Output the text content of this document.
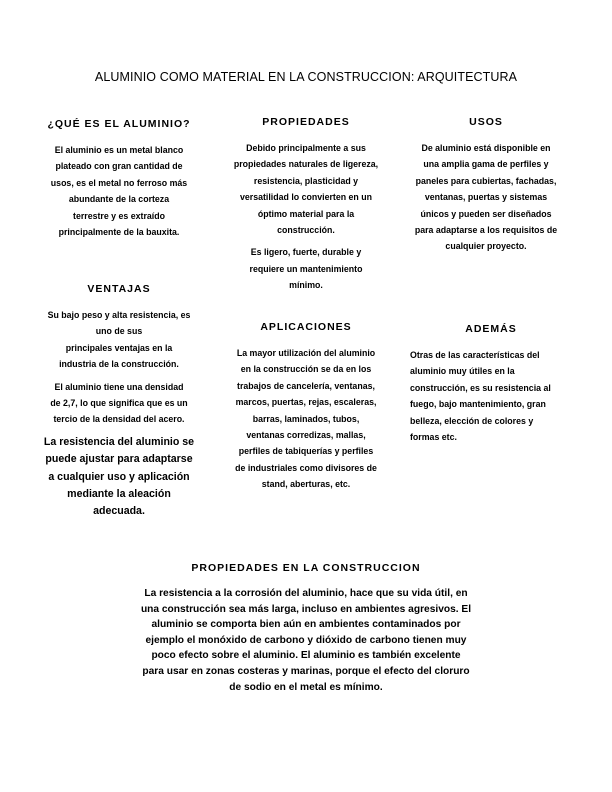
ALUMINIO COMO MATERIAL EN LA CONSTRUCCION: ARQUITECTURA
¿QUÉ ES EL ALUMINIO?

El aluminio es un metal blanco
plateado con gran cantidad de
usos, es el metal no ferroso más
abundante de la corteza
terrestre y es extraído
principalmente de la bauxita.

PROPIEDADES

Debido principalmente a sus
propiedades naturales de ligereza,
resistencia, plasticidad y
versatilidad lo convierten en un
óptimo material para la
construcción.

Es ligero, fuerte, durable y
requiere un mantenimiento
mínimo.

USOS

De aluminio está disponible en
una amplia gama de perfiles y
paneles para cubiertas, fachadas,
ventanas, puertas y sistemas
únicos y pueden ser diseñados
para adaptarse a los requisitos de
cualquier proyecto.

VENTAJAS

Su bajo peso y alta resistencia, es
uno de sus
principales ventajas en la
industria de la construcción.

El aluminio tiene una densidad
de 2,7, lo que significa que es un
tercio de la densidad del acero.

La resistencia del aluminio se
puede ajustar para adaptarse
a cualquier uso y aplicación
mediante la aleación
adecuada.

APLICACIONES

La mayor utilización del aluminio
en la construcción se da en los
trabajos de cancelería, ventanas,
marcos, puertas, rejas, escaleras,
barras, laminados, tubos,
ventanas corredizas, mallas,
perfiles de tabiquerías y perfiles
de industriales como divisores de
stand, aberturas, etc.

ADEMÁS

Otras de las características del
aluminio muy útiles en la
construcción, es su resistencia al
fuego, bajo mantenimiento, gran
belleza, elección de colores y
formas etc.

PROPIEDADES EN LA CONSTRUCCION

La resistencia a la corrosión del aluminio, hace que su vida útil, en
una construcción sea más larga, incluso en ambientes agresivos. El
aluminio se comporta bien aún en ambientes contaminados por
ejemplo el monóxido de carbono y dióxido de carbono tienen muy
poco efecto sobre el aluminio. El aluminio es también excelente
para usar en zonas costeras y marinas, porque el efecto del cloruro
de sodio en el metal es mínimo.
